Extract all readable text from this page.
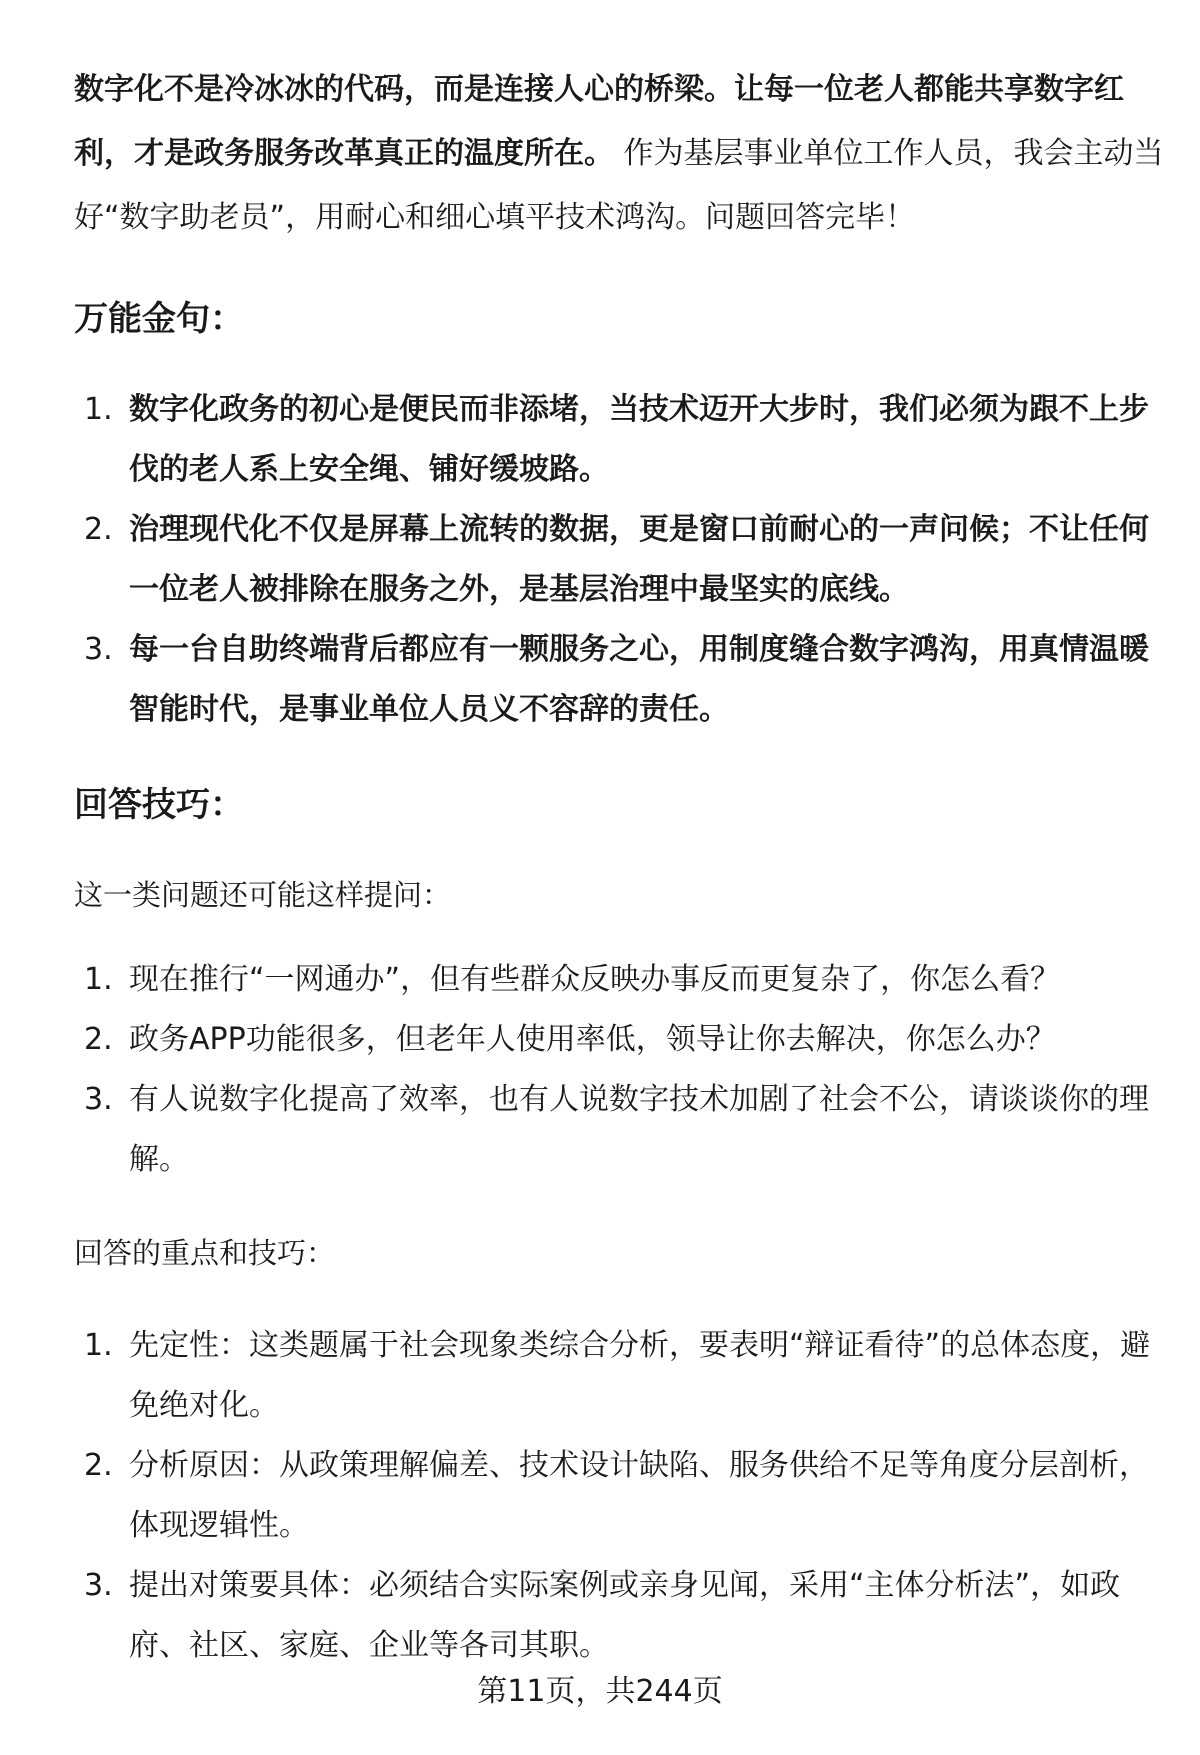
数字化不是冷冰冰的代码，而是连接人心的桥梁。让每一位老人都能共享数字红利，才是政务服务改革真正的温度所在。 作为基层事业单位工作人员，我会主动当好“数字助老员”，用耐心和细心填平技术鸿沟。问题回答完毕！

万能金句：
1. 数字化政务的初心是便民而非添堵，当技术迈开大步时，我们必须为跟不上步伐的老人系上安全绳、铺好缓坡路。
2. 治理现代化不仅是屏幕上流转的数据，更是窗口前耐心的一声问候；不让任何一位老人被排除在服务之外，是基层治理中最坚实的底线。
3. 每一台自助终端背后都应有一颗服务之心，用制度缝合数字鸿沟，用真情温暖智能时代，是事业单位人员义不容辞的责任。
回答技巧：

这一类问题还可能这样提问：

1. 现在推行“一网通办”，但有些群众反映办事反而更复杂了，你怎么看？
2. 政务APP功能很多，但老年人使用率低，领导让你去解决，你怎么办？
3. 有人说数字化提高了效率，也有人说数字技术加剧了社会不公，请谈谈你的理解。

回答的重点和技巧：

1. 先定性：这类题属于社会现象类综合分析，要表明“辩证看待”的总体态度，避免绝对化。
2. 分析原因：从政策理解偏差、技术设计缺陷、服务供给不足等角度分层剖析，体现逻辑性。
3. 提出对策要具体：必须结合实际案例或亲身见闻，采用“主体分析法”，如政府、社区、家庭、企业等各司其职。
第11页，共244页
